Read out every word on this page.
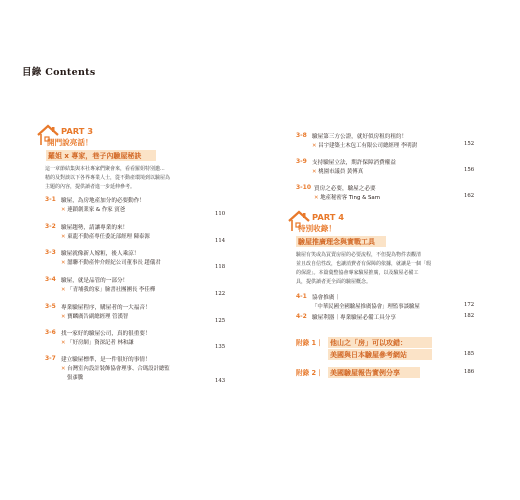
目錄 Contents
PART 3
開門說亮話！
羅姐 x 專家，巷子內驗屋秘訣
這一章節結集與本社專家們聚會來，看看羅姐特別邀...
精的及對談以下各界專業人士，從不動產環境到以驗屋為
主題的內容，提供讀者進一步延伸參考。
3-1 驗屋，為房地產加分的必要動作！
✕ 連鎖創業家 & 作家 賓爸
110
3-2 驗屋趨勢，請讓專業的來！
✕ 東龍不動產專任委託部經理 陳泰源
114
3-3 驗屋就像新人嫁粧，後人乘涼！
✕ 囍聯不動產仲介經紀公司董事長 趙儀君
118
3-4 驗屋，就是品管的一部分！
✕ 「青埔我的家」臉書社團團長 李佳樺
122
3-5 專業驗屋程序，購屋者的一大福音！
✕ 寶麟廣告副總經理 管漢智
125
3-6 找一家好的驗屋公司，真的很重要！
✕ 「好房網」資深記者 林和謙
135
3-7 建立驗屋標準，是一件很好的事情！
✕ 台灣室內設計裝飾協會理事、合瑪設計總監
張彥騰	143
3-8 驗屋第三方公證，就好似房租約租約！
✕ 昌宇建築土木包工有限公司總經理 李明澍	152
3-9 支持驗屋立法，期許保障消費權益
✕ 桃園市議員 黃傅真	156
3-10 買房之必要，驗屋之必要
✕ 地產秘密客 Ting & Sam	162
PART 4
特別收錄！
驗屋推廣理念與實戰工具
驗屋有笑或為買賣房屋的必要流程，不但提為物件表觀清
並且改自信性改，也讓消費者有保障的依據，就讓是一個「瑕
的保證」。本篇彙整協會專家驗屋推廣，以及驗屋必備工
具，提供讀者更全面的驗屋概念。
4-1 協會推廣｜
「中華民國全國驗屋推廣協會」理監事談驗屋	172
4-2 驗屋利器｜專業驗屋必備工具分享	182
附錄 1｜ 他山之「房」可以攻錯：
美國與日本驗屋參考網站	185
附錄 2｜ 美國驗屋報告實例分享	186
